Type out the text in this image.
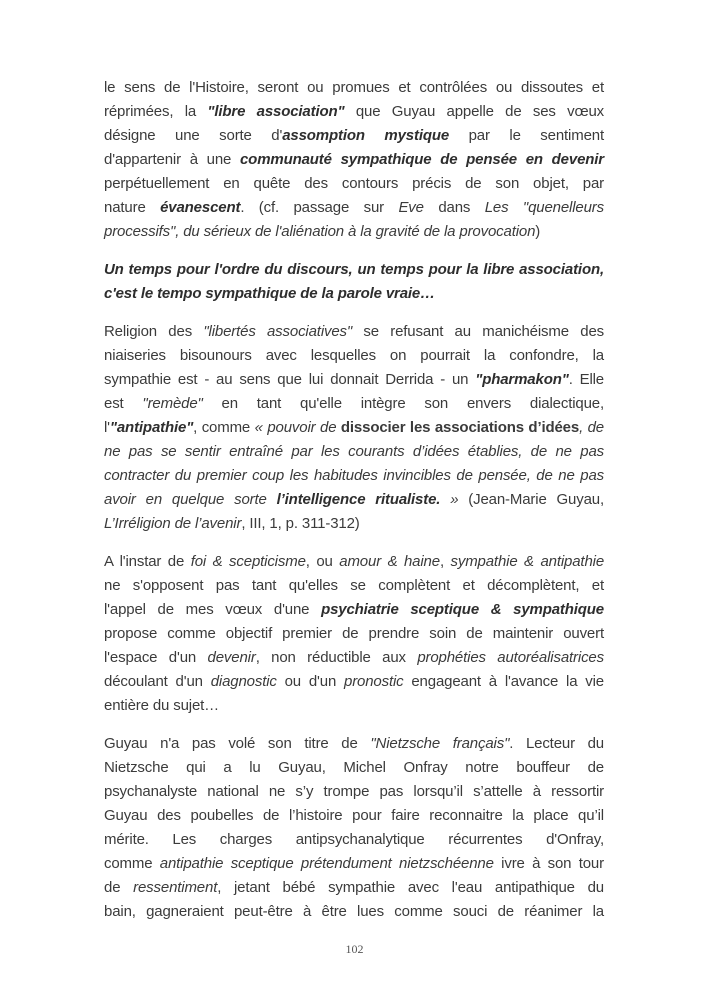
le sens de l'Histoire, seront ou promues et contrôlées ou dissoutes et
réprimées, la "libre association" que Guyau appelle de ses vœux
désigne une sorte d'assomption mystique par le sentiment
d'appartenir à une communauté sympathique de pensée en devenir
perpétuellement en quête des contours précis de son objet, par
nature évanescent. (cf. passage sur Eve dans Les "quenelleurs
processifs", du sérieux de l'aliénation à la gravité de la provocation)
Un temps pour l'ordre du discours, un temps pour la libre association,
c'est le tempo sympathique de la parole vraie…
Religion des "libertés associatives" se refusant au manichéisme des
niaiseries bisounours avec lesquelles on pourrait la confondre, la
sympathie est - au sens que lui donnait Derrida - un "pharmakon". Elle
est "remède" en tant qu'elle intègre son envers dialectique,
l'"antipathie", comme « pouvoir de dissocier les associations d’idées, de
ne pas se sentir entraîné par les courants d’idées établies, de ne pas
contracter du premier coup les habitudes invincibles de pensée, de ne pas
avoir en quelque sorte l’intelligence ritualiste. » (Jean-Marie Guyau,
L’Irréligion de l’avenir, III, 1, p. 311-312)
A l'instar de foi & scepticisme, ou amour & haine, sympathie & antipathie
ne s'opposent pas tant qu'elles se complètent et décomplètent, et
l'appel de mes vœux d'une psychiatrie sceptique & sympathique
propose comme objectif premier de prendre soin de maintenir ouvert
l'espace d'un devenir, non réductible aux prophéties autoréalisatrices
découlant d'un diagnostic ou d'un pronostic engageant à l'avance la vie
entière du sujet…
Guyau n'a pas volé son titre de "Nietzsche français". Lecteur du
Nietzsche qui a lu Guyau, Michel Onfray notre bouffeur de
psychanalyste national ne s’y trompe pas lorsqu’il s’attelle à ressortir
Guyau des poubelles de l’histoire pour faire reconnaitre la place qu’il
mérite. Les charges antipsychanalytique récurrentes d'Onfray,
comme antipathie sceptique prétendument nietzschéenne ivre à son tour
de ressentiment, jetant bébé sympathie avec l'eau antipathique du
bain, gagneraient peut-être à être lues comme souci de réanimer la
102
